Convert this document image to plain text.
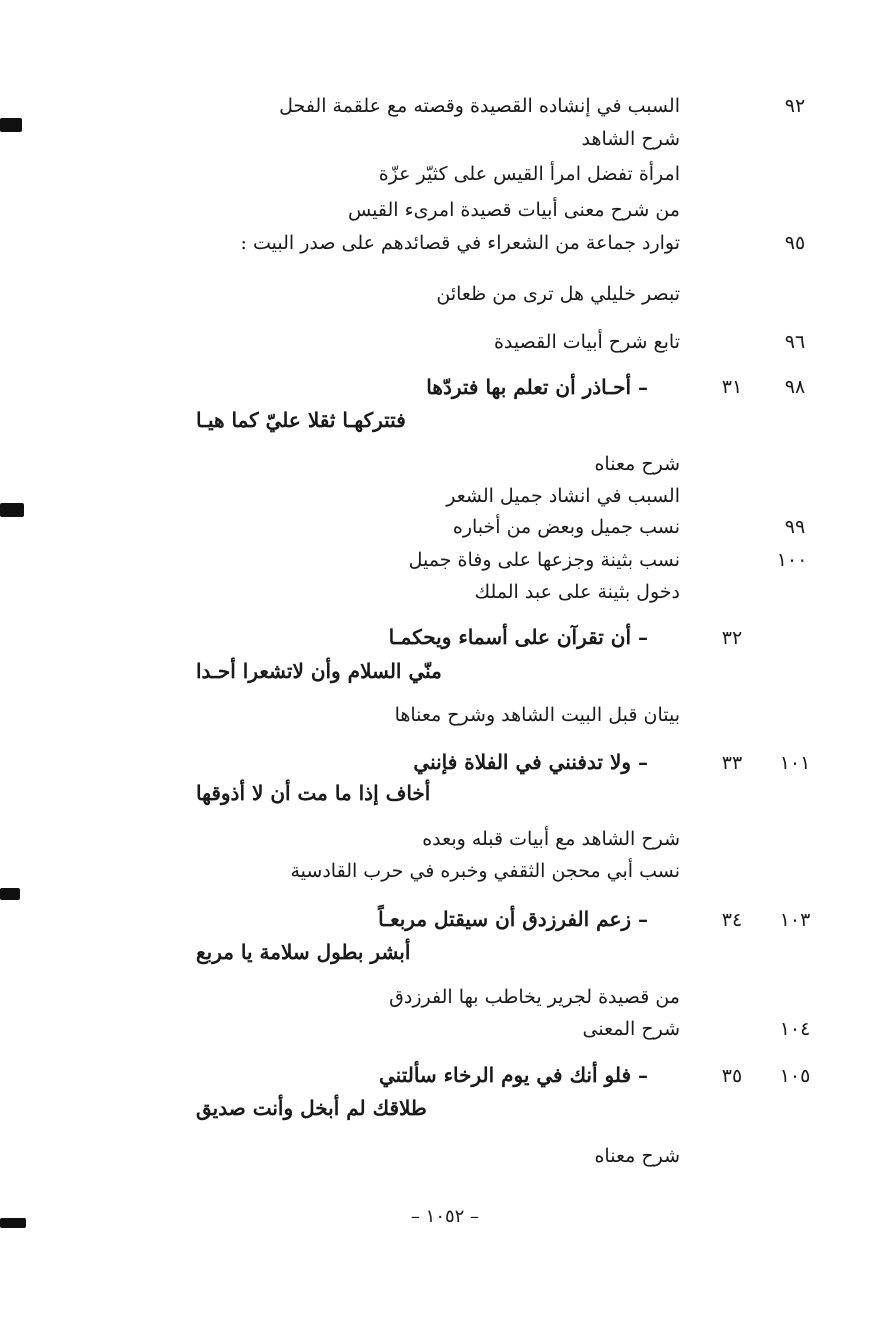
٩٢
السبب في إنشاده القصيدة وقصته مع علقمة الفحل
شرح الشاهد
امرأة تفضل امرأ القيس على كثيّر عزّة
من شرح معنى أبيات قصيدة امرىء القيس
٩٥
توارد جماعة من الشعراء في قصائدهم على صدر البيت :
تبصر خليلي هل ترى من ظعائن
٩٦
تابع شرح أبيات القصيدة
٩٨
٣١
– أحـاذر أن تعلم بها فتردّها
فتتركهـا ثقلا عليّ كما هيـا
شرح معناه
السبب في انشاد جميل الشعر
٩٩
نسب جميل وبعض من أخباره
١٠٠
نسب بثينة وجزعها على وفاة جميل
دخول بثينة على عبد الملك
٣٢
– أن تقرآن على أسماء ويحكمـا
منّي السلام وأن لاتشعرا أحـدا
بيتان قبل البيت الشاهد وشرح معناها
١٠١
٣٣
– ولا تدفنني في الفلاة فإنني
أخاف إذا ما مت أن لا أذوقها
شرح الشاهد مع أبيات قبله وبعده
نسب أبي محجن الثقفي وخبره في حرب القادسية
١٠٣
٣٤
– زعم الفرزدق أن سيقتل مربعـاً
أبشر بطول سلامة يا مربع
من قصيدة لجرير يخاطب بها الفرزدق
١٠٤
شرح المعنى
١٠٥
٣٥
– فلو أنك في يوم الرخاء سألتني
طلاقك لم أبخل وأنت صديق
شرح معناه
– ١٠٥٢ –
